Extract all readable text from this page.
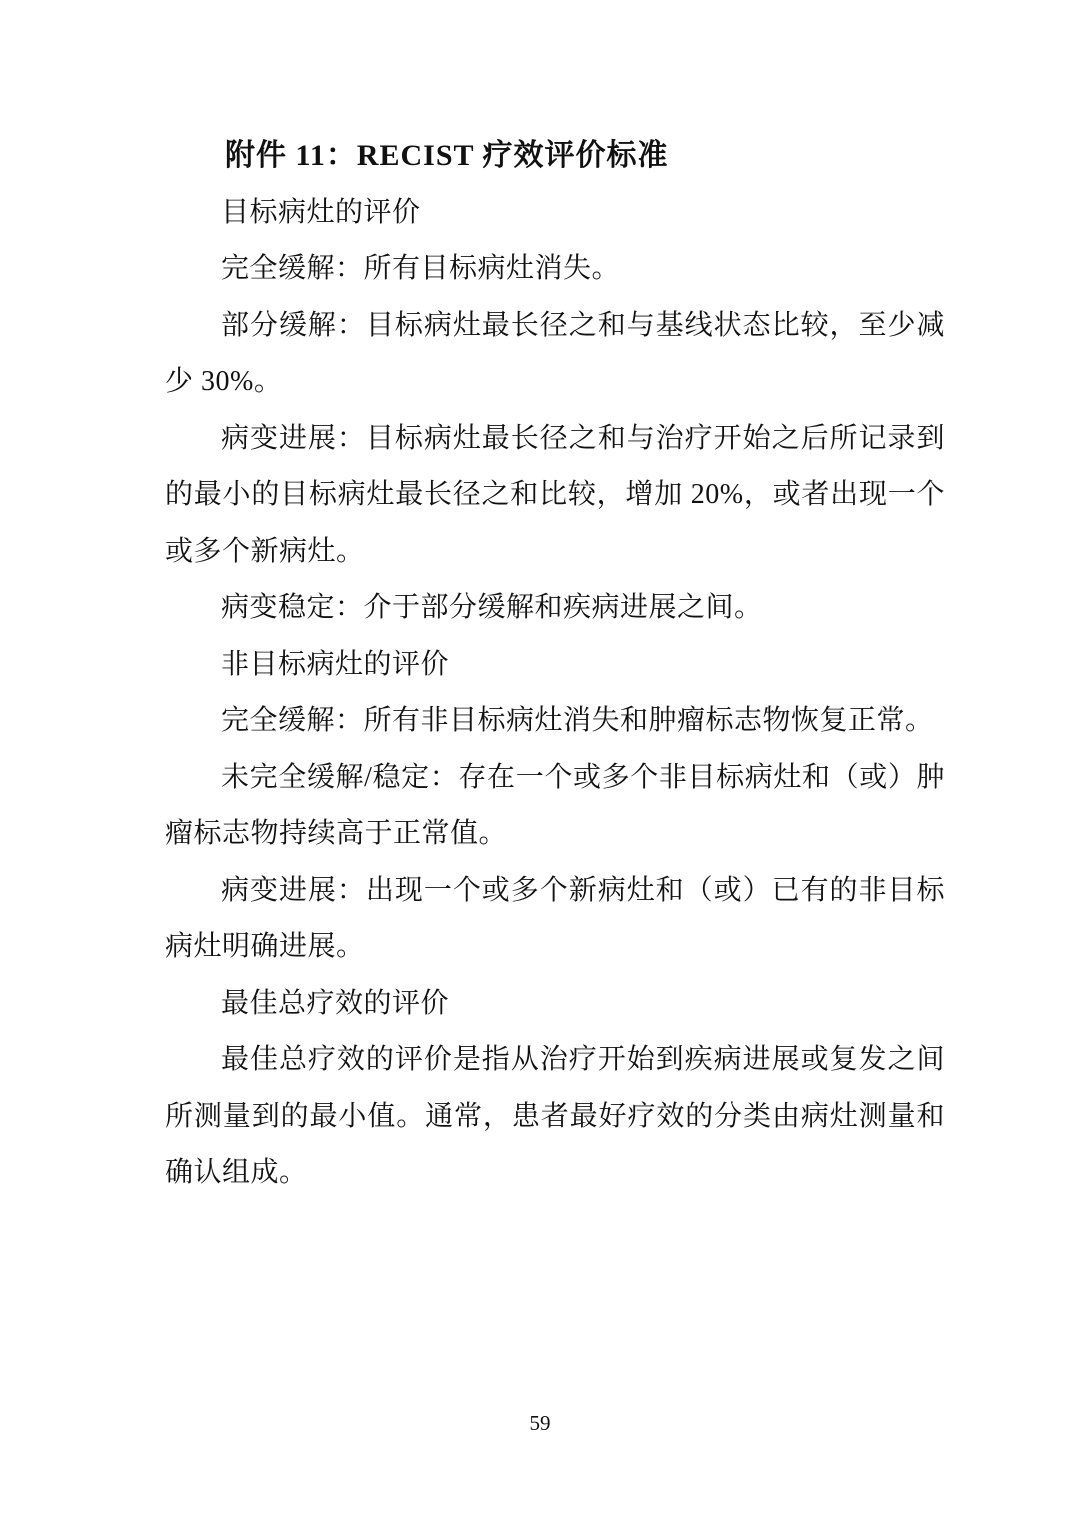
附件 11：RECIST 疗效评价标准

目标病灶的评价

完全缓解：所有目标病灶消失。

部分缓解：目标病灶最长径之和与基线状态比较，至少减少 30%。

病变进展：目标病灶最长径之和与治疗开始之后所记录到的最小的目标病灶最长径之和比较，增加 20%，或者出现一个或多个新病灶。

病变稳定：介于部分缓解和疾病进展之间。

非目标病灶的评价

完全缓解：所有非目标病灶消失和肿瘤标志物恢复正常。

未完全缓解/稳定：存在一个或多个非目标病灶和（或）肿瘤标志物持续高于正常值。

病变进展：出现一个或多个新病灶和（或）已有的非目标病灶明确进展。

最佳总疗效的评价

最佳总疗效的评价是指从治疗开始到疾病进展或复发之间所测量到的最小值。通常，患者最好疗效的分类由病灶测量和确认组成。

59
